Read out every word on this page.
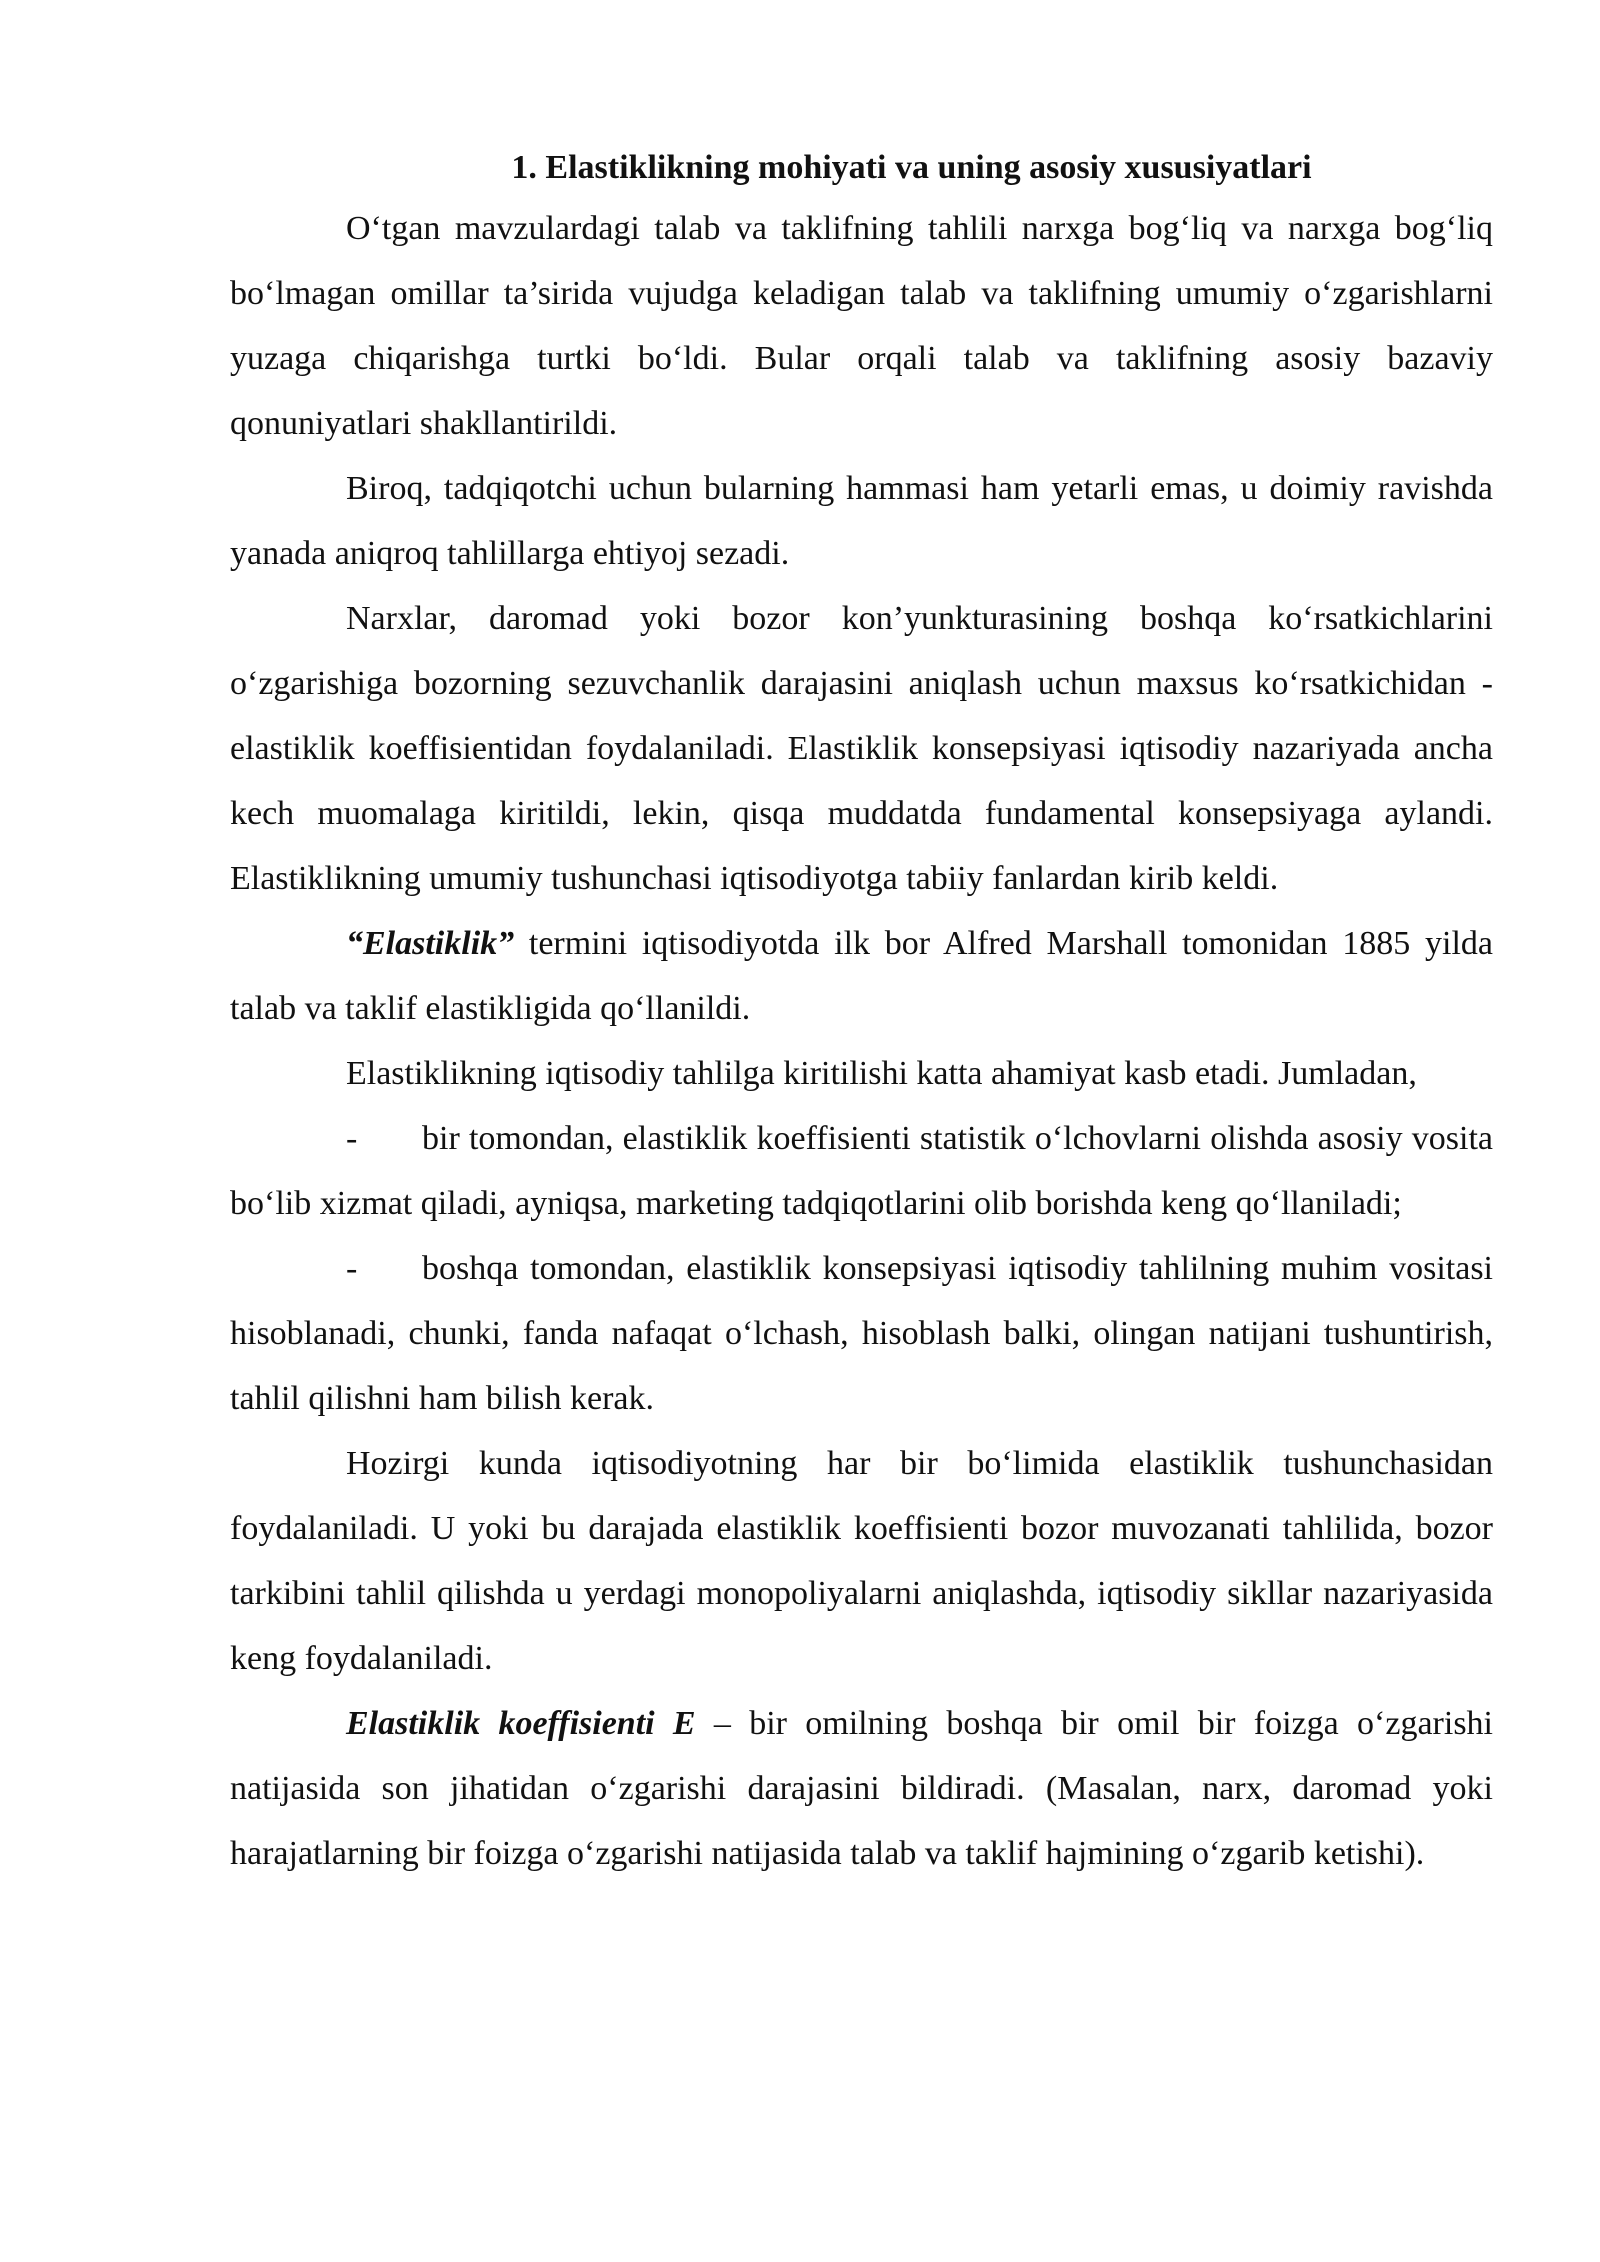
1. Elastiklikning mohiyati va uning asosiy xususiyatlari

O‘tgan mavzulardagi talab va taklifning tahlili narxga bog‘liq va narxga bog‘liq bo‘lmagan omillar ta’sirida vujudga keladigan talab va taklifning umumiy o‘zgarishlarni yuzaga chiqarishga turtki bo‘ldi. Bular orqali talab va taklifning asosiy bazaviy qonuniyatlari shakllantirildi.

Biroq, tadqiqotchi uchun bularning hammasi ham yetarli emas, u doimiy ravishda yanada aniqroq tahlillarga ehtiyoj sezadi.

Narxlar, daromad yoki bozor kon’yunkturasining boshqa ko‘rsatkichlarini o‘zgarishiga bozorning sezuvchanlik darajasini aniqlash uchun maxsus ko‘rsatkichidan - elastiklik koeffisientidan foydalaniladi. Elastiklik konsepsiyasi iqtisodiy nazariyada ancha kech muomalaga kiritildi, lekin, qisqa muddatda fundamental konsepsiyaga aylandi. Elastiklikning umumiy tushunchasi iqtisodiyotga tabiiy fanlardan kirib keldi.

“Elastiklik” termini iqtisodiyotda ilk bor Alfred Marshall tomonidan 1885 yilda talab va taklif elastikligida qo‘llanildi.

Elastiklikning iqtisodiy tahlilga kiritilishi katta ahamiyat kasb etadi. Jumladan,

- bir tomondan, elastiklik koeffisienti statistik o‘lchovlarni olishda asosiy vosita bo‘lib xizmat qiladi, ayniqsa, marketing tadqiqotlarini olib borishda keng qo‘llaniladi;

- boshqa tomondan, elastiklik konsepsiyasi iqtisodiy tahlilning muhim vositasi hisoblanadi, chunki, fanda nafaqat o‘lchash, hisoblash balki, olingan natijani tushuntirish, tahlil qilishni ham bilish kerak.

Hozirgi kunda iqtisodiyotning har bir bo‘limida elastiklik tushunchasidan foydalaniladi. U yoki bu darajada elastiklik koeffisienti bozor muvozanati tahlilida, bozor tarkibini tahlil qilishda u yerdagi monopoliyalarni aniqlashda, iqtisodiy sikllar nazariyasida keng foydalaniladi.

Elastiklik koeffisienti E – bir omilning boshqa bir omil bir foizga o‘zgarishi natijasida son jihatidan o‘zgarishi darajasini bildiradi. (Masalan, narx, daromad yoki harajatlarning bir foizga o‘zgarishi natijasida talab va taklif hajmining o‘zgarib ketishi).
